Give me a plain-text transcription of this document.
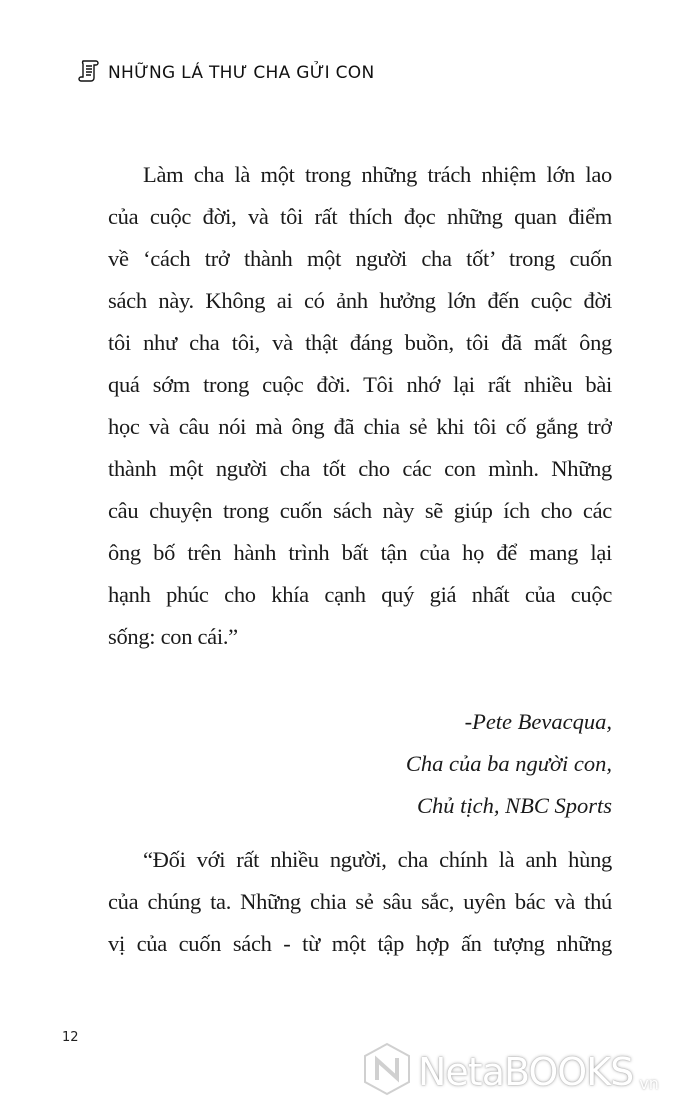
NHỮNG LÁ THƯ CHA GỬI CON
Làm cha là một trong những trách nhiệm lớn lao
của cuộc đời, và tôi rất thích đọc những quan điểm
về ‘cách trở thành một người cha tốt’ trong cuốn
sách này. Không ai có ảnh hưởng lớn đến cuộc đời
tôi như cha tôi, và thật đáng buồn, tôi đã mất ông
quá sớm trong cuộc đời. Tôi nhớ lại rất nhiều bài
học và câu nói mà ông đã chia sẻ khi tôi cố gắng trở
thành một người cha tốt cho các con mình. Những
câu chuyện trong cuốn sách này sẽ giúp ích cho các
ông bố trên hành trình bất tận của họ để mang lại
hạnh phúc cho khía cạnh quý giá nhất của cuộc
sống: con cái.”
-Pete Bevacqua,
Cha của ba người con,
Chủ tịch, NBC Sports
“Đối với rất nhiều người, cha chính là anh hùng
của chúng ta. Những chia sẻ sâu sắc, uyên bác và thú
vị của cuốn sách - từ một tập hợp ấn tượng những
12
NetaBOOKS vn
